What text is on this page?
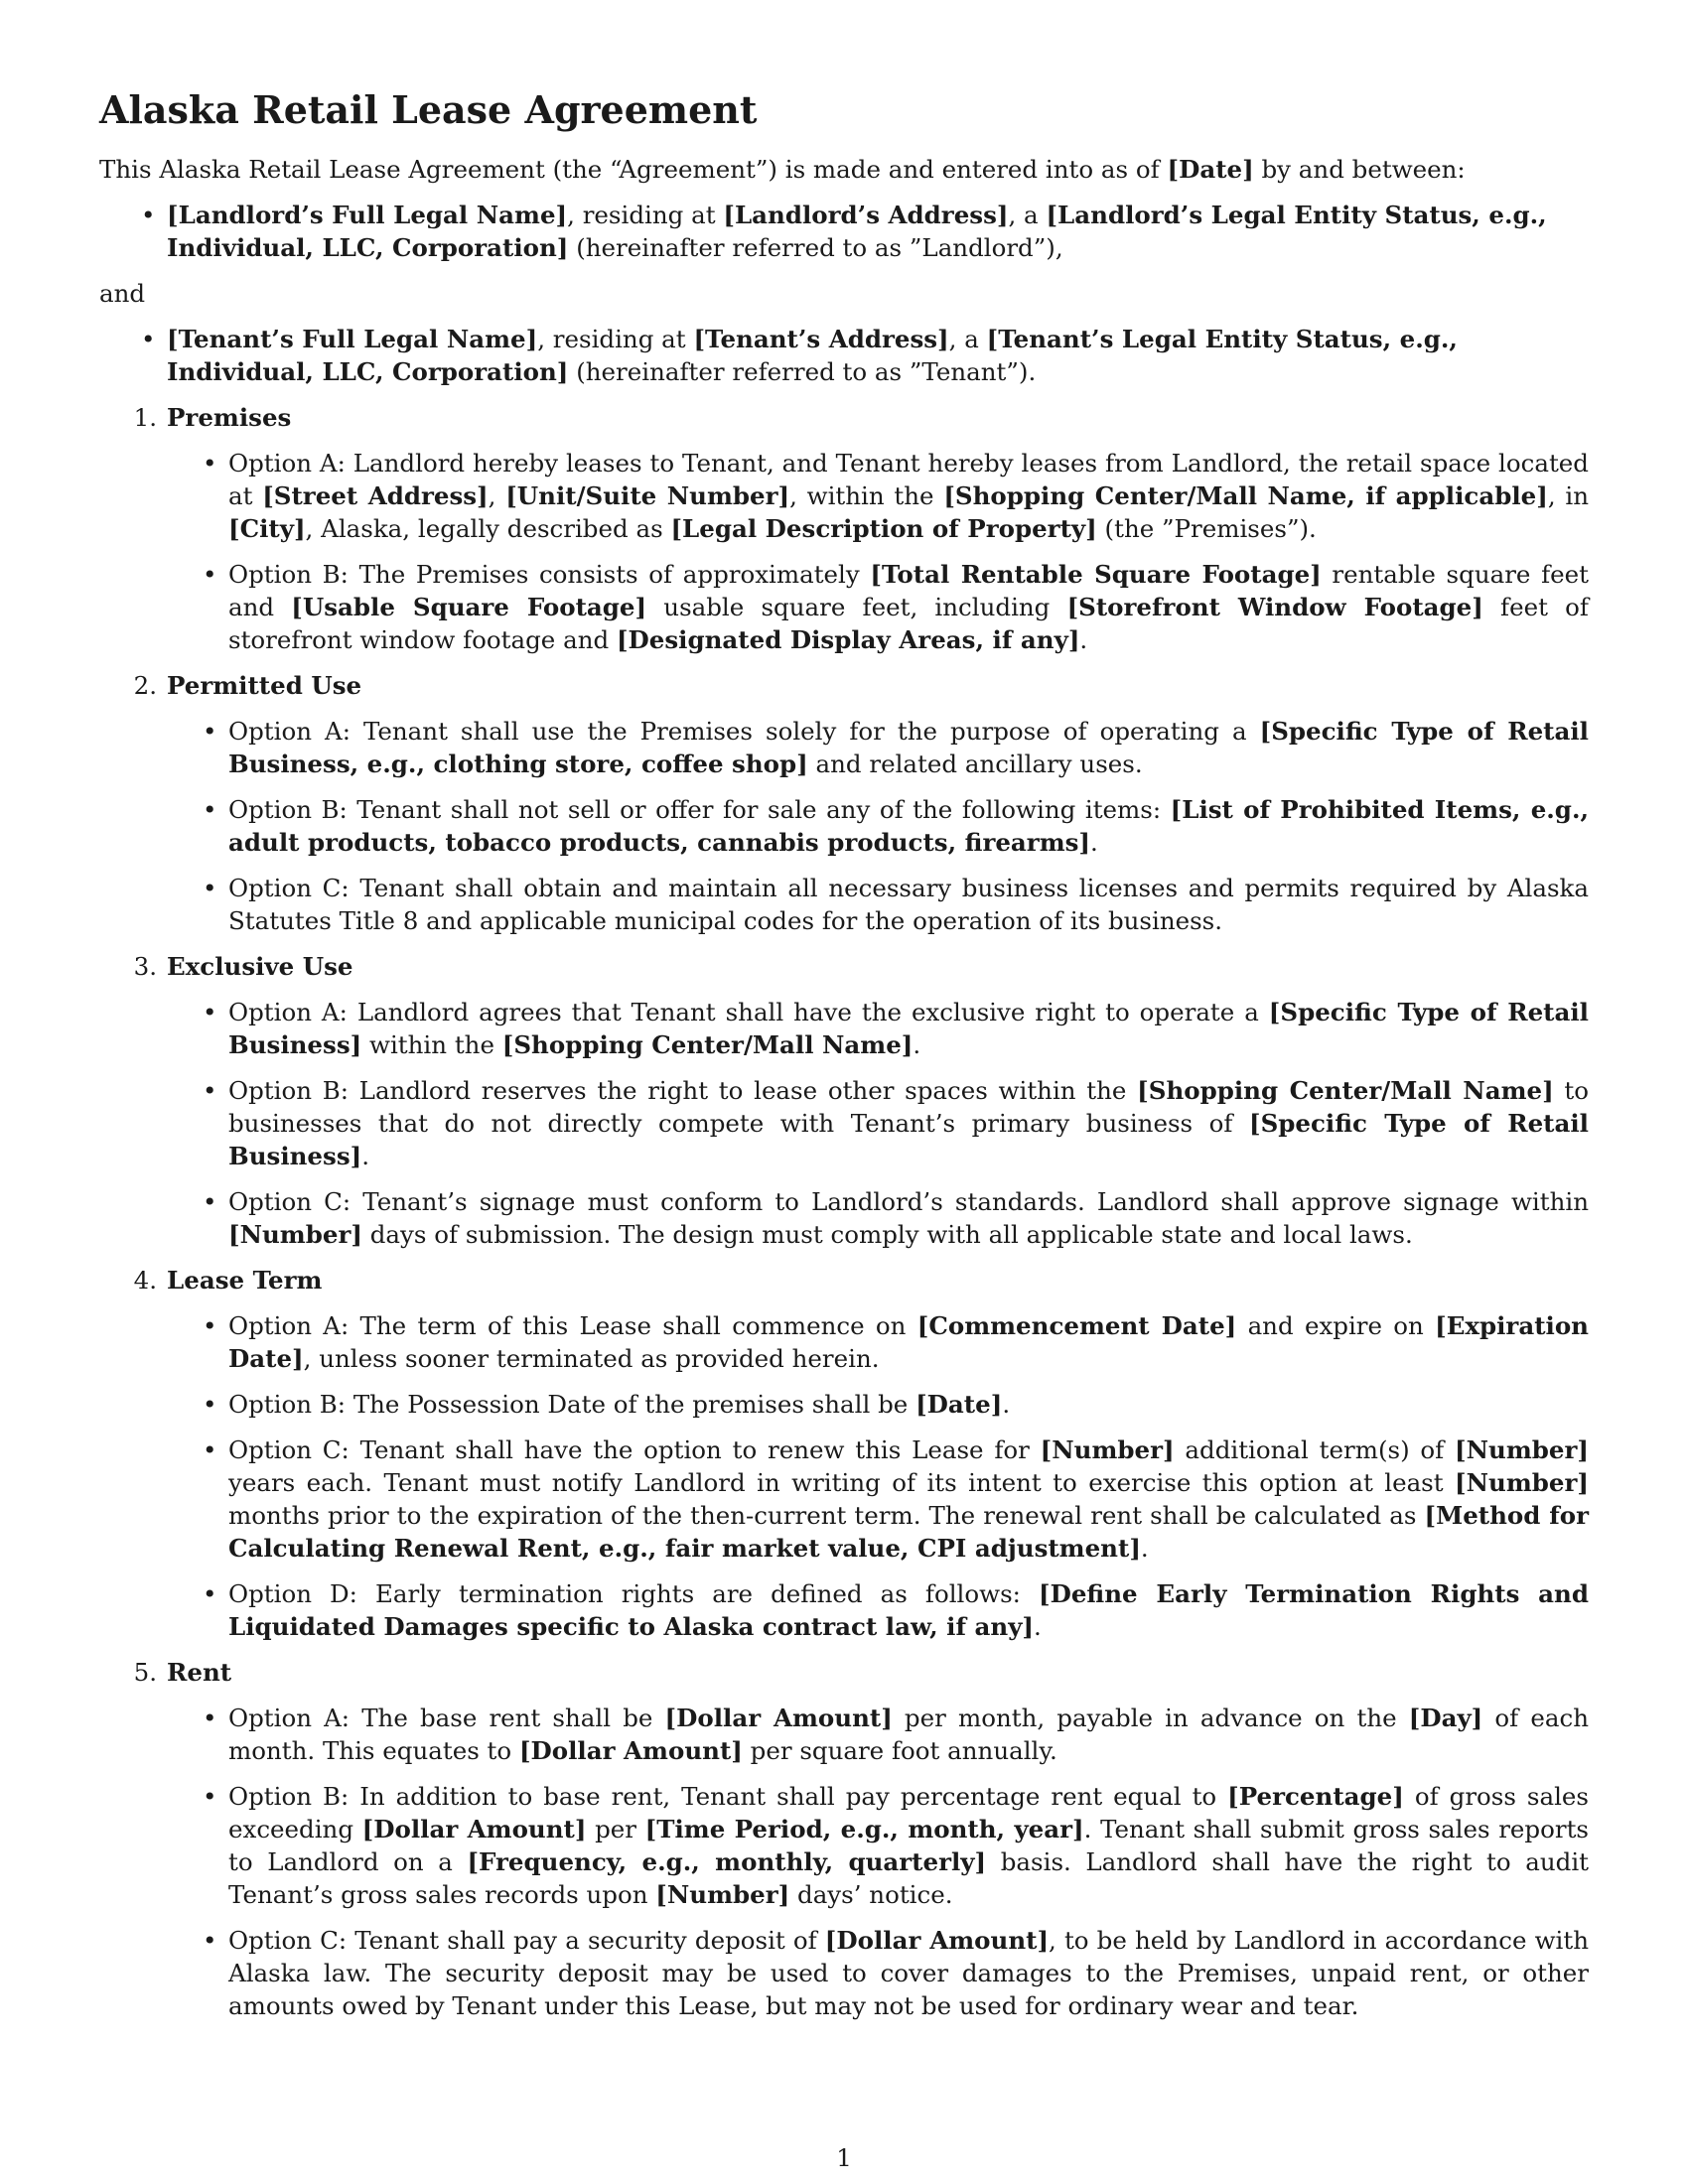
Alaska Retail Lease Agreement

This Alaska Retail Lease Agreement (the “Agreement”) is made and entered into as of [Date] by and between:

• [Landlord’s Full Legal Name], residing at [Landlord’s Address], a [Landlord’s Legal Entity Status, e.g., Individual, LLC, Corporation] (hereinafter referred to as ”Landlord”),

and

• [Tenant’s Full Legal Name], residing at [Tenant’s Address], a [Tenant’s Legal Entity Status, e.g., Individual, LLC, Corporation] (hereinafter referred to as ”Tenant”).
1. Premises
• Option A: Landlord hereby leases to Tenant, and Tenant hereby leases from Landlord, the retail space located at [Street Address], [Unit/Suite Number], within the [Shopping Center/Mall Name, if applicable], in [City], Alaska, legally described as [Legal Description of Property] (the ”Premises”).
• Option B: The Premises consists of approximately [Total Rentable Square Footage] rentable square feet and [Usable Square Footage] usable square feet, including [Storefront Window Footage] feet of storefront window footage and [Designated Display Areas, if any].
2. Permitted Use
• Option A: Tenant shall use the Premises solely for the purpose of operating a [Specific Type of Retail Business, e.g., clothing store, coffee shop] and related ancillary uses.
• Option B: Tenant shall not sell or offer for sale any of the following items: [List of Prohibited Items, e.g., adult products, tobacco products, cannabis products, firearms].
• Option C: Tenant shall obtain and maintain all necessary business licenses and permits required by Alaska Statutes Title 8 and applicable municipal codes for the operation of its business.
3. Exclusive Use
• Option A: Landlord agrees that Tenant shall have the exclusive right to operate a [Specific Type of Retail Business] within the [Shopping Center/Mall Name].
• Option B: Landlord reserves the right to lease other spaces within the [Shopping Center/Mall Name] to businesses that do not directly compete with Tenant’s primary business of [Specific Type of Retail Business].
• Option C: Tenant’s signage must conform to Landlord’s standards. Landlord shall approve signage within [Number] days of submission. The design must comply with all applicable state and local laws.
4. Lease Term
• Option A: The term of this Lease shall commence on [Commencement Date] and expire on [Expiration Date], unless sooner terminated as provided herein.
• Option B: The Possession Date of the premises shall be [Date].
• Option C: Tenant shall have the option to renew this Lease for [Number] additional term(s) of [Number] years each. Tenant must notify Landlord in writing of its intent to exercise this option at least [Number] months prior to the expiration of the then-current term. The renewal rent shall be calculated as [Method for Calculating Renewal Rent, e.g., fair market value, CPI adjustment].
• Option D: Early termination rights are defined as follows: [Define Early Termination Rights and Liquidated Damages specific to Alaska contract law, if any].
5. Rent
• Option A: The base rent shall be [Dollar Amount] per month, payable in advance on the [Day] of each month. This equates to [Dollar Amount] per square foot annually.
• Option B: In addition to base rent, Tenant shall pay percentage rent equal to [Percentage] of gross sales exceeding [Dollar Amount] per [Time Period, e.g., month, year]. Tenant shall submit gross sales reports to Landlord on a [Frequency, e.g., monthly, quarterly] basis. Landlord shall have the right to audit Tenant’s gross sales records upon [Number] days’ notice.
• Option C: Tenant shall pay a security deposit of [Dollar Amount], to be held by Landlord in accordance with Alaska law. The security deposit may be used to cover damages to the Premises, unpaid rent, or other amounts owed by Tenant under this Lease, but may not be used for ordinary wear and tear.
1
